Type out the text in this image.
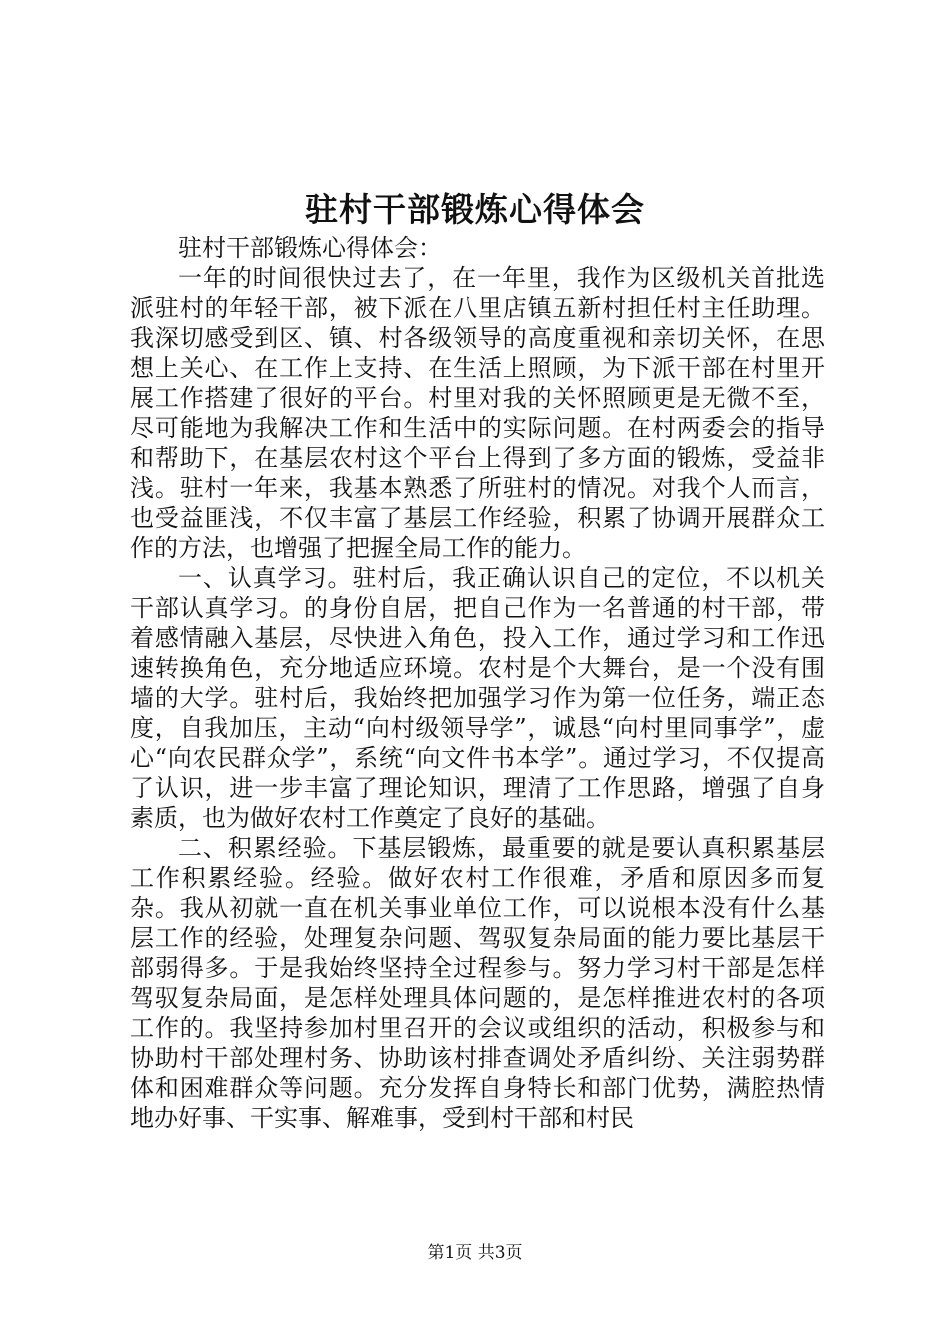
驻村干部锻炼心得体会

驻村干部锻炼心得体会：

一年的时间很快过去了，在一年里，我作为区级机关首批选派驻村的年轻干部，被下派在八里店镇五新村担任村主任助理。我深切感受到区、镇、村各级领导的高度重视和亲切关怀，在思想上关心、在工作上支持、在生活上照顾，为下派干部在村里开展工作搭建了很好的平台。村里对我的关怀照顾更是无微不至，尽可能地为我解决工作和生活中的实际问题。在村两委会的指导和帮助下，在基层农村这个平台上得到了多方面的锻炼，受益非浅。驻村一年来，我基本熟悉了所驻村的情况。对我个人而言，也受益匪浅，不仅丰富了基层工作经验，积累了协调开展群众工作的方法，也增强了把握全局工作的能力。

一、认真学习。驻村后，我正确认识自己的定位，不以机关干部认真学习。的身份自居，把自己作为一名普通的村干部，带着感情融入基层，尽快进入角色，投入工作，通过学习和工作迅速转换角色，充分地适应环境。农村是个大舞台，是一个没有围墙的大学。驻村后，我始终把加强学习作为第一位任务，端正态度，自我加压，主动“向村级领导学”，诚恳“向村里同事学”，虚心“向农民群众学”，系统“向文件书本学”。通过学习，不仅提高了认识，进一步丰富了理论知识，理清了工作思路，增强了自身素质，也为做好农村工作奠定了良好的基础。

二、积累经验。下基层锻炼，最重要的就是要认真积累基层工作积累经验。经验。做好农村工作很难，矛盾和原因多而复杂。我从初就一直在机关事业单位工作，可以说根本没有什么基层工作的经验，处理复杂问题、驾驭复杂局面的能力要比基层干部弱得多。于是我始终坚持全过程参与。努力学习村干部是怎样驾驭复杂局面，是怎样处理具体问题的，是怎样推进农村的各项工作的。我坚持参加村里召开的会议或组织的活动，积极参与和协助村干部处理村务、协助该村排查调处矛盾纠纷、关注弱势群体和困难群众等问题。充分发挥自身特长和部门优势，满腔热情地办好事、干实事、解难事，受到村干部和村民

第1页 共3页
